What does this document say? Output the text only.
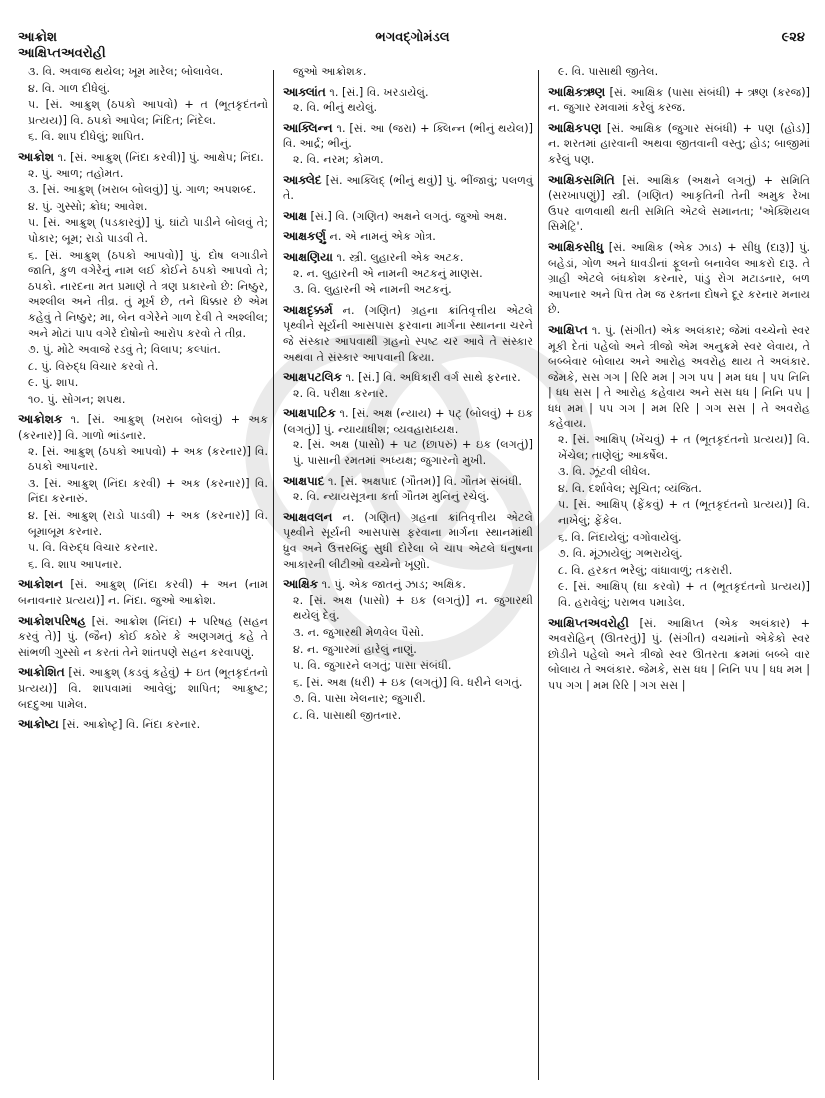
આક્રોશ
આક્ષિપ્તઅવરોહી
ભગવદ્ગોમંડલ	૯૨૪
૩. વિ. અવાજ થયેલ; ખૂમ મારેલ; બોલાવેલ.
૪. વિ. ગાળ દીધેલું.
૫. [સં. આક્રુશ્ (ઠપકો આપવો) + ત (ભૂતકૃદંતનો પ્રત્યય)] વિ. ઠપકો આપેલ; નિંદિત; નિંદેલ.
૬. વિ. શાપ દીધેલું; શાપિત.
આક્રોશ ૧. [સં. આક્રુશ્ (નિંદા કરવી)] પું. આક્ષેપ; નિંદા.
૨. પું. આળ; તહોમત.
૩. [સં. આક્રુશ્ (ખરાબ બોલવું)] પું. ગાળ; અપશબ્દ.
૪. પું. ગુસ્સો; ક્રોધ; આવેશ.
૫. [સં. આક્રુશ્ (પડકારવું)] પું. ઘાંટો પાડીને બોલવું તે; પોકાર; બૂમ; રાડો પાડવી તે.
૬. [સં. આક્રુશ્ (ઠપકો આપવો)] પું. દોષ લગાડીને જાતિ, કુળ વગેરેનું નામ લઈ કોઈને ઠપકો આપવો તે; ઠપકો. નારદના મત પ્રમાણે તે ત્રણ પ્રકારનો છે: નિષ્ઠુર, અશ્લીલ અને તીવ્ર. તું મૂર્ખ છે, તને ધિક્કાર છે એમ કહેવું તે નિષ્ઠુર; મા, બેન વગેરેને ગાળ દેવી તે અશ્લીલ; અને મોટાં પાપ વગેરે દોષોનો આરોપ કરવો તે તીવ્ર.
૭. પું. મોટે અવાજે રડવું તે; વિલાપ; કલ્પાંત.
૮. પું. વિરુદ્ધ વિચાર કરવો તે.
૯. પું. શાપ.
૧૦. પું. સોગન; શપથ.
આક્રોશક ૧. [સં. આક્રુશ્ (ખરાબ બોલવું) + અક (કરનાર)] વિ. ગાળો ભાંડનાર.
૨. [સં. આક્રુશ્ (ઠપકો આપવો) + અક (કરનાર)] વિ. ઠપકો આપનાર.
૩. [સં. આક્રુશ્ (નિંદા કરવી) + અક (કરનાર)] વિ. નિંદા કરનારું.
૪. [સં. આક્રુશ્ (રાડો પાડવી) + અક (કરનાર)] વિ. બૂમાબૂમ કરનાર.
૫. વિ. વિરુદ્ધ વિચાર કરનાર.
૬. વિ. શાપ આપનાર.
આક્રોશન [સં. આક્રુશ્ (નિંદા કરવી) + અન (નામ બનાવનાર પ્રત્યય)] ન. નિંદા. જુઓ આક્રોશ.
આક્રોશપરિષહ [સં. આક્રોશ (નિંદા) + પરિષહ (સહન કરવું તે)] પું. (જૈન) કોઈ કઠોર કે અણગમતું કહે તે સાંભળી ગુસ્સો ન કરતાં તેને શાંતપણે સહન કરવાપણું.
આક્રોશિત [સં. આક્રુશ્ (કડવું કહેવું) + ઇત (ભૂતકૃદંતનો પ્રત્યય)] વિ. શાપવામાં આવેલું; શાપિત; આક્રુષ્ટ; બદદુઆ પામેલ.
આક્રોષ્ટા [સં. આક્રોષ્ટૃ] વિ. નિંદા કરનાર.
જુઓ આક્રોશક.
આક્લાંત ૧. [સં.] વિ. ખરડાયેલું.
૨. વિ. ભીનું થયેલું.
આક્લિન્ન ૧. [સં. આ (જરા) + ક્લિન્ન (ભીનું થયેલ)] વિ. આર્દ્ર; ભીનું.
૨. વિ. નરમ; કોમળ.
આક્લેદ [સં. આક્લિદ્ (ભીનું થવું)] પું. ભીંજાવું; પલળવું તે.
આક્ષ [સં.] વિ. (ગણિત) અક્ષને લગતું. જુઓ અક્ષ.
આક્ષકર્ણુ ન. એ નામનું એક ગોત્ર.
આક્ષણિયા ૧. સ્ત્રી. લુહારની એક અટક.
૨. ન. લુહારની એ નામની અટકનું માણસ.
૩. વિ. લુહારની એ નામની અટકનું.
આક્ષદૃક્કર્મ ન. (ગણિત) ગ્રહના ક્રાંતિવૃત્તીય એટલે પૃથ્વીને સૂર્યની આસપાસ ફરવાના માર્ગના સ્થાનના ચરને જે સંસ્કાર આપવાથી ગ્રહનો સ્પષ્ટ ચર આવે તે સંસ્કાર અથવા તે સંસ્કાર આપવાની ક્રિયા.
આક્ષપટલિક ૧. [સં.] વિ. અધિકારી વર્ગ સાથે ફરનાર.
૨. વિ. પરીક્ષા કરનાર.
આક્ષપાટિક ૧. [સં. અક્ષ (ન્યાય) + પટ્ (બોલવું) + ઇક (લગતું)] પું. ન્યાયાધીશ; વ્યવહારાધ્યક્ષ.
૨. [સં. અક્ષ (પાસો) + પટ (છાપરું) + ઇક (લગતું)] પું. પાસાની રમતમાં અધ્યક્ષ; જુગારનો મુખી.
આક્ષપાદ ૧. [સં. અક્ષપાદ (ગૌતમ)] વિ. ગૌતમ સંબંધી.
૨. વિ. ન્યાયસૂત્રના કર્તા ગૌતમ મુનિનું રચેલું.
આક્ષવલન ન. (ગણિત) ગ્રહના ક્રાંતિવૃત્તીય એટલે પૃથ્વીને સૂર્યની આસપાસ ફરવાના માર્ગના સ્થાનમાંથી ધ્રુવ અને ઉત્તરબિંદુ સુધી દોરેલા બે ચાપ એટલે ધનુષના આકારની લીટીઓ વચ્ચેનો ખૂણો.
આક્ષિક ૧. પું. એક જાતનું ઝાડ; અક્ષિક.
૨. [સં. અક્ષ (પાસો) + ઇક (લગતું)] ન. જુગારથી થયેલું દેવું.
૩. ન. જુગારથી મેળવેલ પૈસો.
૪. ન. જુગારમાં હારેલું નાણું.
૫. વિ. જુગારને લગતું; પાસા સંબંધી.
૬. [સં. અક્ષ (ધરી) + ઇક (લગતું)] વિ. ધરીને લગતું.
૭. વિ. પાસા ખેલનાર; જુગારી.
૮. વિ. પાસાથી જીતનાર.
૯. વિ. પાસાથી જીતેલ.
આક્ષિકઋણ [સં. આક્ષિક (પાસા સંબંધી) + ઋણ (કરજ)] ન. જુગાર રમવામાં કરેલું કરજ.
આક્ષિકપણ [સં. આક્ષિક (જુગાર સંબંધી) + પણ (હોડ)] ન. શરતમાં હારવાની અથવા જીતવાની વસ્તુ; હોડ; બાજીમાં કરેલું પણ.
આક્ષિકસમિતિ [સં. આક્ષિક (અક્ષને લગતું) + સમિતિ (સરખાપણું)] સ્ત્રી. (ગણિત) આકૃતિની તેની અમુક રેખા ઉપર વાળવાથી થતી સમિતિ એટલે સમાનતા; 'એક્શિયલ સિમેટ્રિ'.
આક્ષિકસીધુ [સં. આક્ષિક (એક ઝાડ) + સીધુ (દારૂ)] પું. બહેડાં, ગોળ અને ધાવડીનાં ફૂલનો બનાવેલ આકરો દારૂ. તે ગ્રાહી એટલે બંધકોશ કરનાર, પાંડુ રોગ મટાડનાર, બળ આપનાર અને પિત્ત તેમ જ રક્તના દોષને દૂર કરનાર મનાય છે.
આક્ષિપ્ત ૧. પું. (સંગીત) એક અલંકાર; જેમાં વચ્ચેનો સ્વર મૂકી દેતાં પહેલો અને ત્રીજો એમ અનુક્રમે સ્વર લેવાય, તે બબ્બેવાર બોલાય અને આરોહ અવરોહ થાય તે અલંકાર. જેમકે, સસ ગગ | રિરિ મમ | ગગ પપ | મમ ધધ | પપ નિનિ | ધધ સસ | તે આરોહ કહેવાય અને સસ ધધ | નિનિ પપ | ધધ મમ | પપ ગગ | મમ રિરિ | ગગ સસ | તે અવરોહ કહેવાય.
૨. [સં. આક્ષિપ્ (ખેંચવું) + ત (ભૂતકૃદંતનો પ્રત્યય)] વિ. ખેંચેલ; તાણેલું; આકર્ષેલ.
૩. વિ. ઝૂંટવી લીધેલ.
૪. વિ. દર્શાવેલ; સૂચિત; વ્યંજિત.
૫. [સં. આક્ષિપ્ (ફેંકવું) + ત (ભૂતકૃદંતનો પ્રત્યય)] વિ. નાખેલું; ફેંકેલ.
૬. વિ. નિંદાયેલું; વગોવાયેલું.
૭. વિ. મૂંઝાયેલું; ગભરાયેલું.
૮. વિ. હરકત ભરેલું; વાંધાવાળું; તકરારી.
૯. [સં. આક્ષિપ્ (ઘા કરવો) + ત (ભૂતકૃદંતનો પ્રત્યય)] વિ. હરાવેલું; પરાભવ પમાડેલ.
આક્ષિપ્તઅવરોહી [સં. આક્ષિપ્ત (એક અલંકાર) + અવરોહિન્ (ઊતરતું)] પું. (સંગીત) વચમાંનો એકેકો સ્વર છોડીને પહેલો અને ત્રીજો સ્વર ઊતરતા ક્રમમાં બબ્બે વાર બોલાય તે અલંકાર. જેમકે, સસ ધધ | નિનિ પપ | ધધ મમ | પપ ગગ | મમ રિરિ | ગગ સસ |
